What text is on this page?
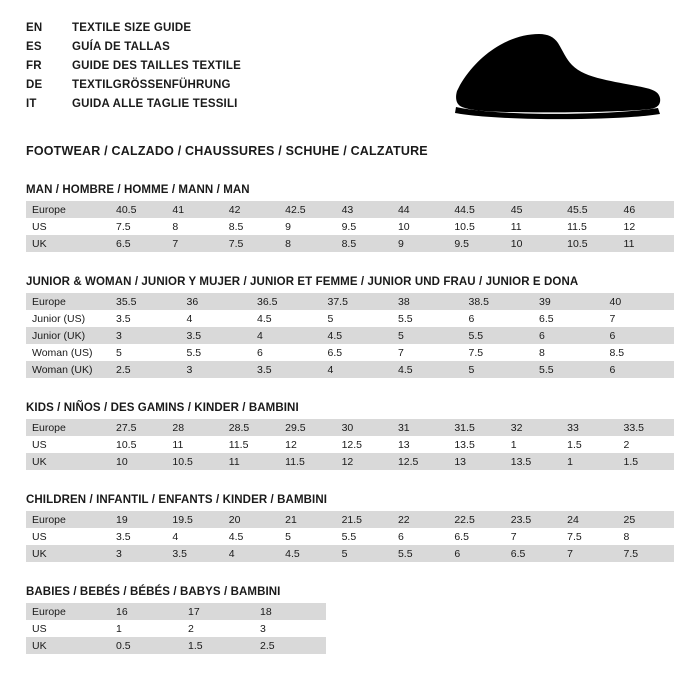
EN	TEXTILE SIZE GUIDE
ES	GUÍA DE TALLAS
FR	GUIDE DES TAILLES TEXTILE
DE	TEXTILGRÖSSENFÜHRUNG
IT	GUIDA ALLE TAGLIE TESSILI
FOOTWEAR / CALZADO / CHAUSSURES / SCHUHE / CALZATURE
MAN / HOMBRE / HOMME / MANN / MAN
Europe	40.5	41	42	42.5	43	44	44.5	45	45.5	46
US	7.5	8	8.5	9	9.5	10	10.5	11	11.5	12
UK	6.5	7	7.5	8	8.5	9	9.5	10	10.5	11
JUNIOR & WOMAN / JUNIOR Y MUJER / JUNIOR ET FEMME / JUNIOR UND FRAU / JUNIOR E DONA
Europe	35.5	36	36.5	37.5	38	38.5	39	40
Junior (US)	3.5	4	4.5	5	5.5	6	6.5	7
Junior (UK)	3	3.5	4	4.5	5	5.5	6	6
Woman (US)	5	5.5	6	6.5	7	7.5	8	8.5
Woman (UK)	2.5	3	3.5	4	4.5	5	5.5	6
KIDS / NIÑOS / DES GAMINS / KINDER / BAMBINI
Europe	27.5	28	28.5	29.5	30	31	31.5	32	33	33.5
US	10.5	11	11.5	12	12.5	13	13.5	1	1.5	2
UK	10	10.5	11	11.5	12	12.5	13	13.5	1	1.5
CHILDREN / INFANTIL / ENFANTS / KINDER / BAMBINI
Europe	19	19.5	20	21	21.5	22	22.5	23.5	24	25
US	3.5	4	4.5	5	5.5	6	6.5	7	7.5	8
UK	3	3.5	4	4.5	5	5.5	6	6.5	7	7.5
BABIES / BEBÉS / BÉBÉS / BABYS / BAMBINI
Europe	16	17	18
US	1	2	3
UK	0.5	1.5	2.5
